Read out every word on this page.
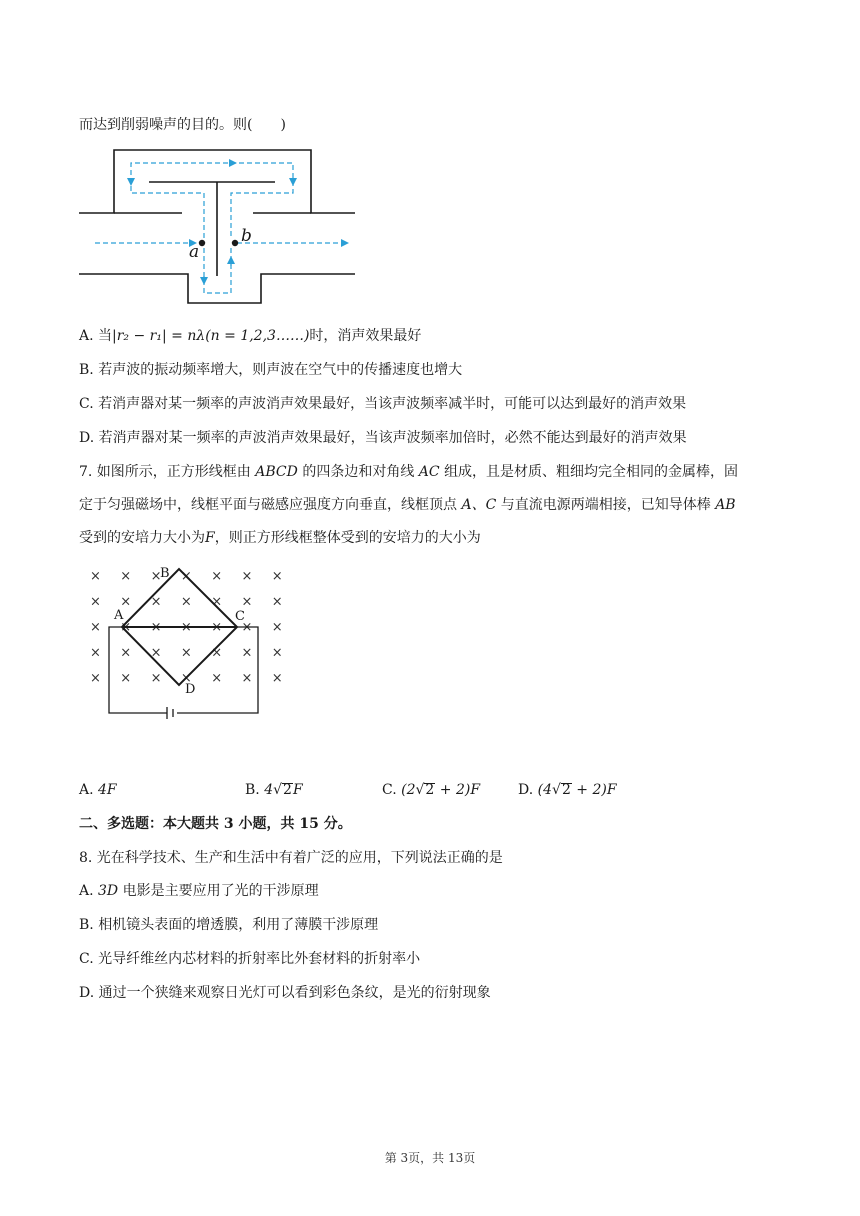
而达到削弱噪声的目的。则(  )
a
b
A. 当|r₂ − r₁| = nλ(n = 1,2,3……)时，消声效果最好
B. 若声波的振动频率增大，则声波在空气中的传播速度也增大
C. 若消声器对某一频率的声波消声效果最好，当该声波频率减半时，可能可以达到最好的消声效果
D. 若消声器对某一频率的声波消声效果最好，当该声波频率加倍时，必然不能达到最好的消声效果
7. 如图所示，正方形线框由 ABCD 的四条边和对角线 AC 组成，且是材质、粗细均完全相同的金属棒，固
定于匀强磁场中，线框平面与磁感应强度方向垂直，线框顶点 A、C 与直流电源两端相接，已知导体棒 AB
受到的安培力大小为F，则正方形线框整体受到的安培力的大小为
× × × × × × ×
× × × × × × ×
× × × × × × ×
× × × × × × ×
× × × × × × ×
A
B
C
D
A. 4F	B. 4√2F	C. (2√2 + 2)F	D. (4√2 + 2)F
二、多选题：本大题共 3 小题，共 15 分。
8. 光在科学技术、生产和生活中有着广泛的应用，下列说法正确的是
A. 3D 电影是主要应用了光的干涉原理
B. 相机镜头表面的增透膜，利用了薄膜干涉原理
C. 光导纤维丝内芯材料的折射率比外套材料的折射率小
D. 通过一个狭缝来观察日光灯可以看到彩色条纹，是光的衍射现象
第 3页，共 13页
